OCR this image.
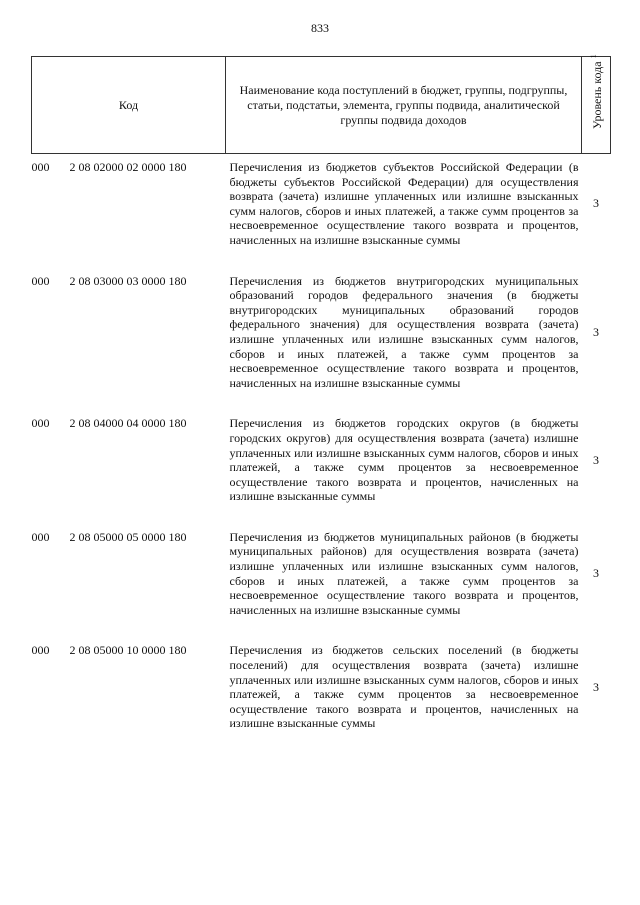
833
Код	Наименование кода поступлений в бюджет, группы, подгруппы, статьи, подстатьи, элемента, группы подвида, аналитической группы подвида доходов	Уровень кода $^1$

000 2 08 02000 02 0000 180	Перечисления из бюджетов субъектов Российской Федерации (в бюджеты субъектов Российской Федерации) для осуществления возврата (зачета) излишне уплаченных или излишне взысканных сумм налогов, сборов и иных платежей, а также сумм процентов за несвоевременное осуществление такого возврата и процентов, начисленных на излишне взысканные суммы	3
000 2 08 03000 03 0000 180	Перечисления из бюджетов внутригородских муниципальных образований городов федерального значения (в бюджеты внутригородских муниципальных образований городов федерального значения) для осуществления возврата (зачета) излишне уплаченных или излишне взысканных сумм налогов, сборов и иных платежей, а также сумм процентов за несвоевременное осуществление такого возврата и процентов, начисленных на излишне взысканные суммы	3
000 2 08 04000 04 0000 180	Перечисления из бюджетов городских округов (в бюджеты городских округов) для осуществления возврата (зачета) излишне уплаченных или излишне взысканных сумм налогов, сборов и иных платежей, а также сумм процентов за несвоевременное осуществление такого возврата и процентов, начисленных на излишне взысканные суммы	3
000 2 08 05000 05 0000 180	Перечисления из бюджетов муниципальных районов (в бюджеты муниципальных районов) для осуществления возврата (зачета) излишне уплаченных или излишне взысканных сумм налогов, сборов и иных платежей, а также сумм процентов за несвоевременное осуществление такого возврата и процентов, начисленных на излишне взысканные суммы	3
000 2 08 05000 10 0000 180	Перечисления из бюджетов сельских поселений (в бюджеты поселений) для осуществления возврата (зачета) излишне уплаченных или излишне взысканных сумм налогов, сборов и иных платежей, а также сумм процентов за несвоевременное осуществление такого возврата и процентов, начисленных на излишне взысканные суммы	3
